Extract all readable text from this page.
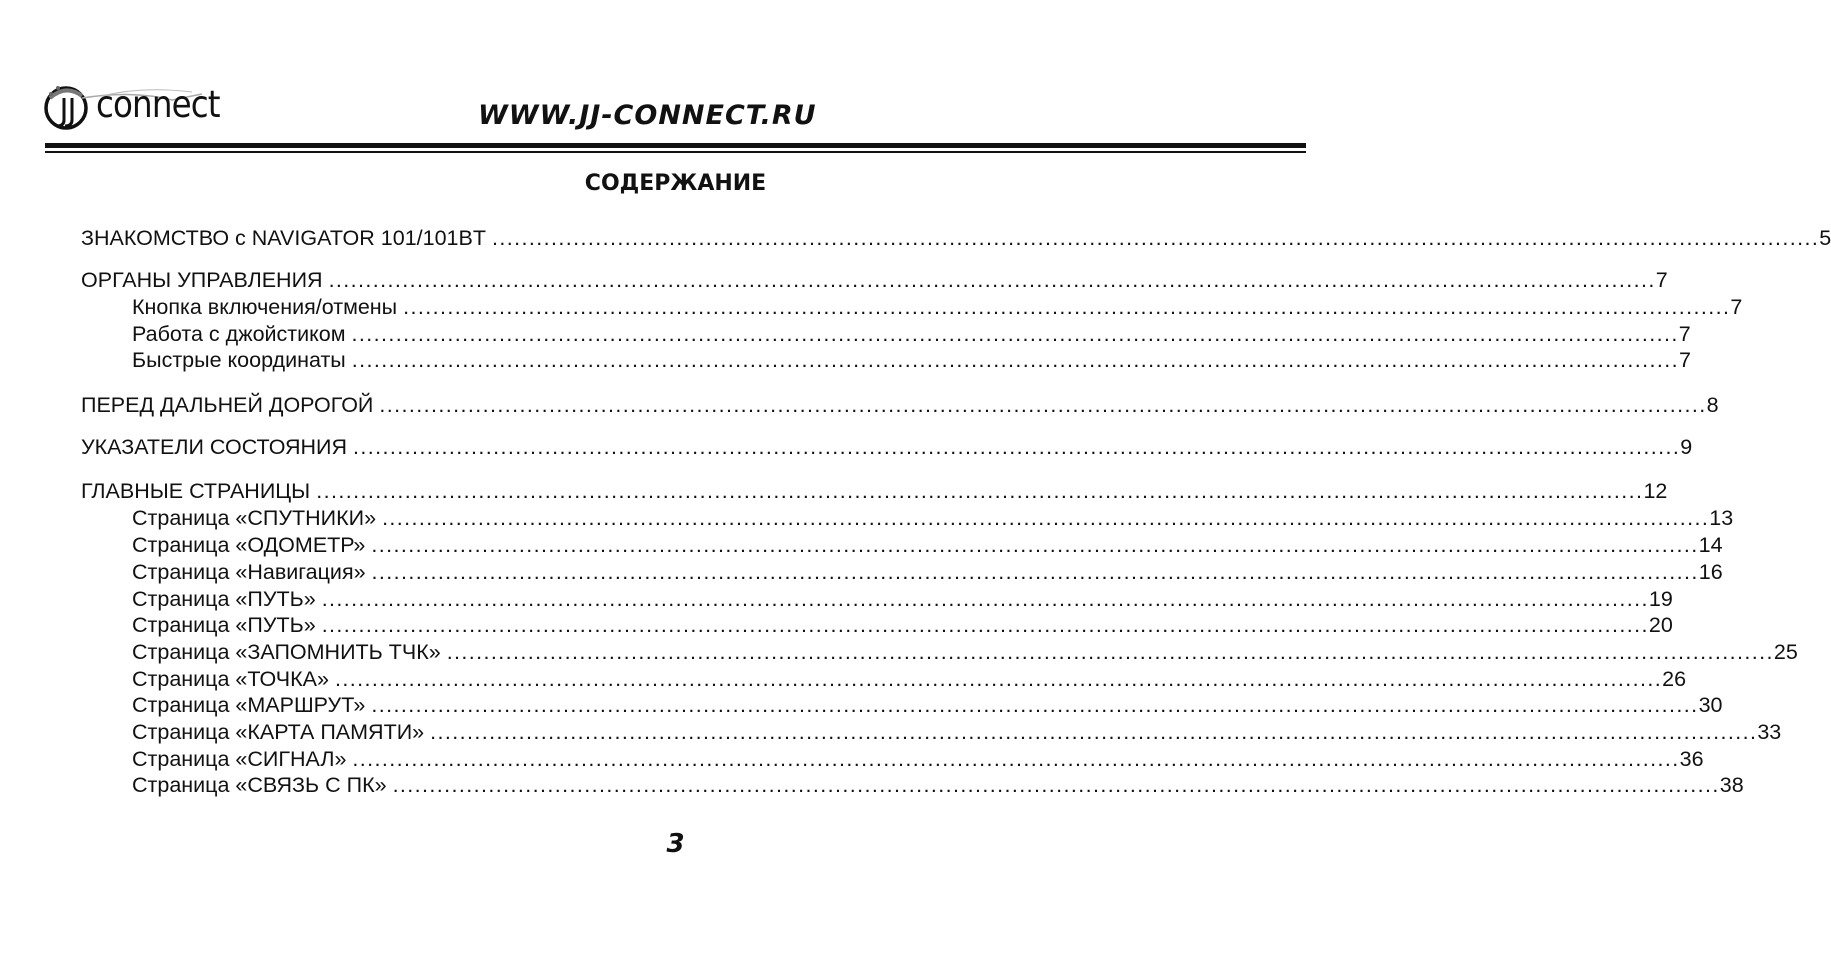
connect	WWW.JJ-CONNECT.RU
СОДЕРЖАНИЕ
ЗНАКОМСТВО с NAVIGATOR 101/101BT .................................................................................................................................................................................... 5
ОРГАНЫ УПРАВЛЕНИЯ .................................................................................................................................................................................... 7
Кнопка включения/отмены .................................................................................................................................................................................... 7
Работа с джойстиком .................................................................................................................................................................................... 7
Быстрые координаты .................................................................................................................................................................................... 7
ПЕРЕД ДАЛЬНЕЙ ДОРОГОЙ .................................................................................................................................................................................... 8
УКАЗАТЕЛИ СОСТОЯНИЯ .................................................................................................................................................................................... 9
ГЛАВНЫЕ СТРАНИЦЫ .................................................................................................................................................................................... 12
Страница «СПУТНИКИ» .................................................................................................................................................................................... 13
Страница «ОДОМЕТР» .................................................................................................................................................................................... 14
Страница «Навигация» .................................................................................................................................................................................... 16
Страница «ПУТЬ» .................................................................................................................................................................................... 19
Страница «ПУТЬ» .................................................................................................................................................................................... 20
Страница «ЗАПОМНИТЬ ТЧК» .................................................................................................................................................................................... 25
Страница «ТОЧКА» .................................................................................................................................................................................... 26
Страница «МАРШРУТ» .................................................................................................................................................................................... 30
Страница «КАРТА ПАМЯТИ» .................................................................................................................................................................................... 33
Страница «СИГНАЛ» .................................................................................................................................................................................... 36
Страница «СВЯЗЬ С ПК» .................................................................................................................................................................................... 38
3
